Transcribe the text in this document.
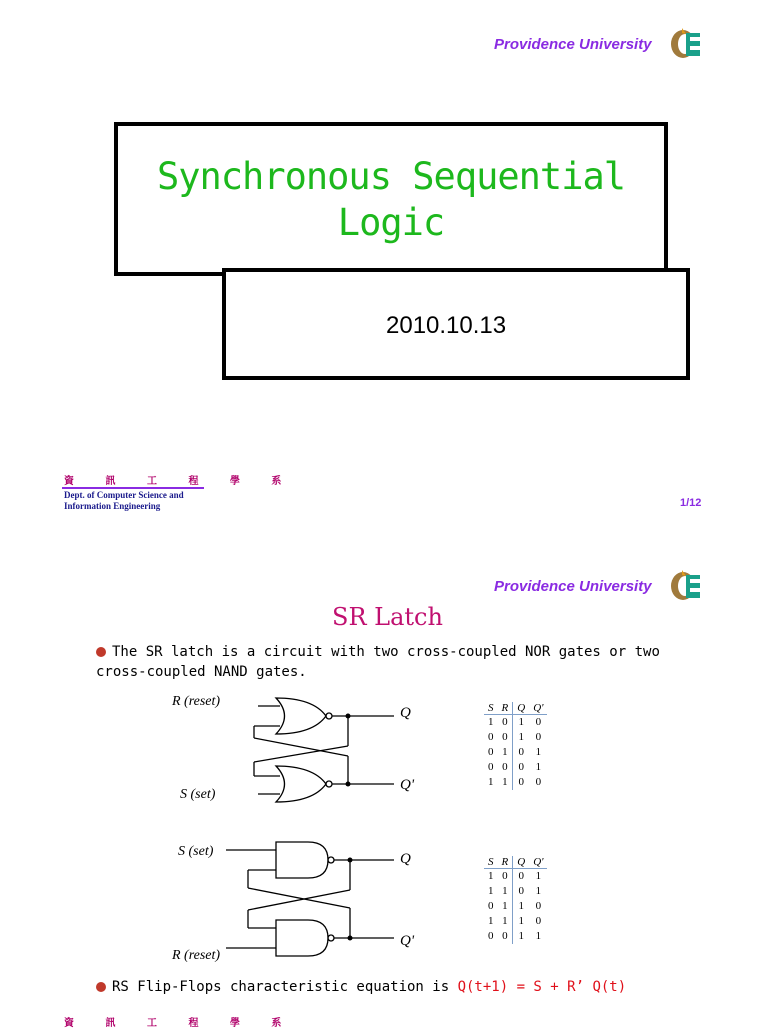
Providence University
Synchronous Sequential
Logic
2010.10.13
資 訊 工 程 學 系
Dept. of Computer Science and
Information Engineering	1/12
Providence University
SR Latch
The SR latch is a circuit with two cross-coupled NOR gates or two
cross-coupled NAND gates.
R (reset)
S (set)
Q
Q'
S	R	Q	Q'
1	0	1	0
0	0	1	0
0	1	0	1
0	0	0	1
1	1	0	0
S (set)
R (reset)
Q
Q'
S	R	Q	Q'
1	0	0	1
1	1	0	1
0	1	1	0
1	1	1	0
0	0	1	1
RS Flip-Flops characteristic equation is Q(t+1) = S + R’ Q(t)
資 訊 工 程 學 系
